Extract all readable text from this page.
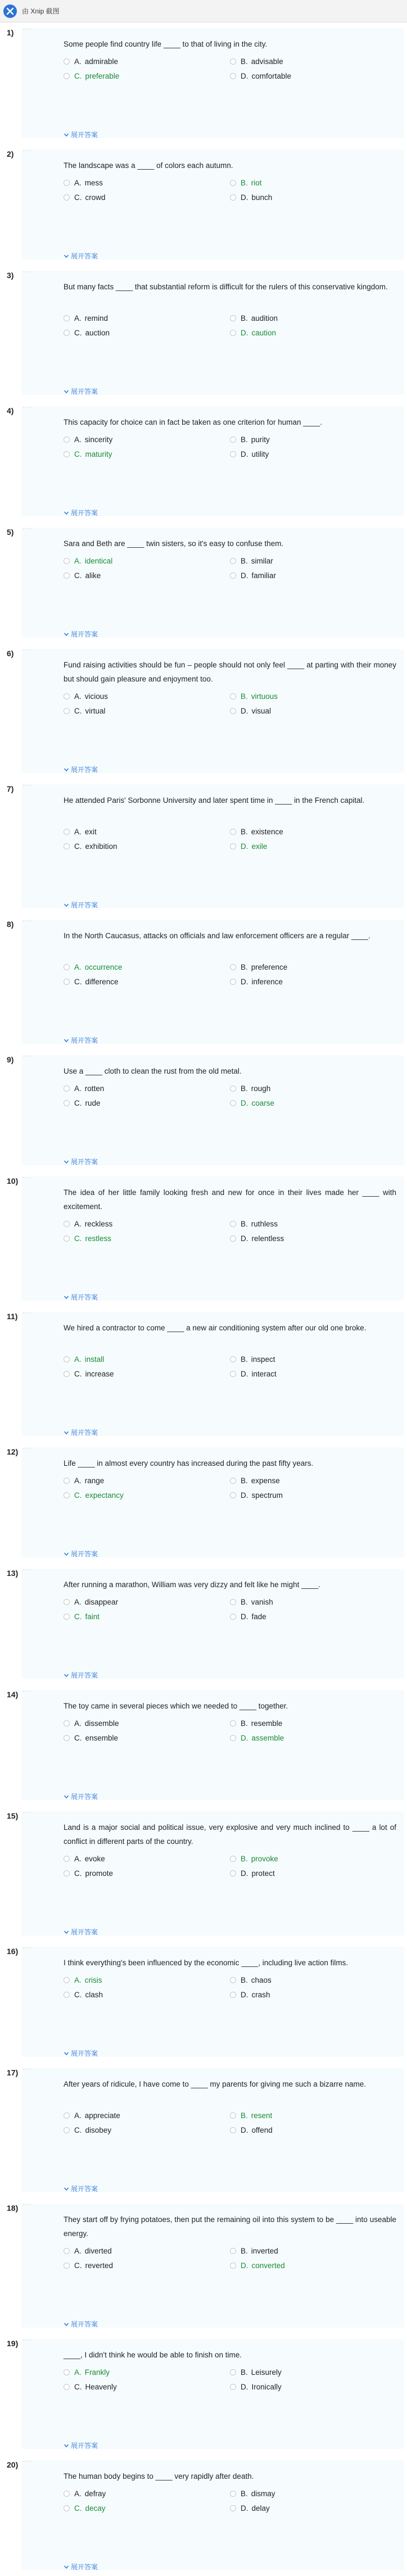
由 Xnip 截图
Some people find country life ____ to that of living in the city.
A. admirable	B. advisable
C. preferable	D. comfortable
展开答案
1) ····
The landscape was a ____ of colors each autumn.
A. mess	B. riot
C. crowd	D. bunch
展开答案
2) ····
But many facts ____ that substantial reform is difficult for the rulers of this conservative kingdom.
A. remind	B. audition
C. auction	D. caution
展开答案
3) ····
This capacity for choice can in fact be taken as one criterion for human ____.
A. sincerity	B. purity
C. maturity	D. utility
展开答案
4) ····
Sara and Beth are ____ twin sisters, so it's easy to confuse them.
A. identical	B. similar
C. alike	D. familiar
展开答案
5) ····
Fund raising activities should be fun – people should not only feel ____ at parting with their money but should gain pleasure and enjoyment too.
A. vicious	B. virtuous
C. virtual	D. visual
展开答案
6) ····
He attended Paris' Sorbonne University and later spent time in ____ in the French capital.
A. exit	B. existence
C. exhibition	D. exile
展开答案
7) ····
In the North Caucasus, attacks on officials and law enforcement officers are a regular ____.
A. occurrence	B. preference
C. difference	D. inference
展开答案
8) ····
Use a ____ cloth to clean the rust from the old metal.
A. rotten	B. rough
C. rude	D. coarse
展开答案
9) ····
The idea of her little family looking fresh and new for once in their lives made her ____ with excitement.
A. reckless	B. ruthless
C. restless	D. relentless
展开答案
10) ····
We hired a contractor to come ____ a new air conditioning system after our old one broke.
A. install	B. inspect
C. increase	D. interact
展开答案
11) ····
Life ____ in almost every country has increased during the past fifty years.
A. range	B. expense
C. expectancy	D. spectrum
展开答案
12) ····
After running a marathon, William was very dizzy and felt like he might ____.
A. disappear	B. vanish
C. faint	D. fade
展开答案
13) ····
The toy came in several pieces which we needed to ____ together.
A. dissemble	B. resemble
C. ensemble	D. assemble
展开答案
14) ····
Land is a major social and political issue, very explosive and very much inclined to ____ a lot of conflict in different parts of the country.
A. evoke	B. provoke
C. promote	D. protect
展开答案
15) ····
I think everything's been influenced by the economic ____, including live action films.
A. crisis	B. chaos
C. clash	D. crash
展开答案
16) ····
After years of ridicule, I have come to ____ my parents for giving me such a bizarre name.
A. appreciate	B. resent
C. disobey	D. offend
展开答案
17) ····
They start off by frying potatoes, then put the remaining oil into this system to be ____ into useable energy.
A. diverted	B. inverted
C. reverted	D. converted
展开答案
18) ····
____, I didn't think he would be able to finish on time.
A. Frankly	B. Leisurely
C. Heavenly	D. Ironically
展开答案
19) ····
The human body begins to ____ very rapidly after death.
A. defray	B. dismay
C. decay	D. delay
展开答案
20) ····
